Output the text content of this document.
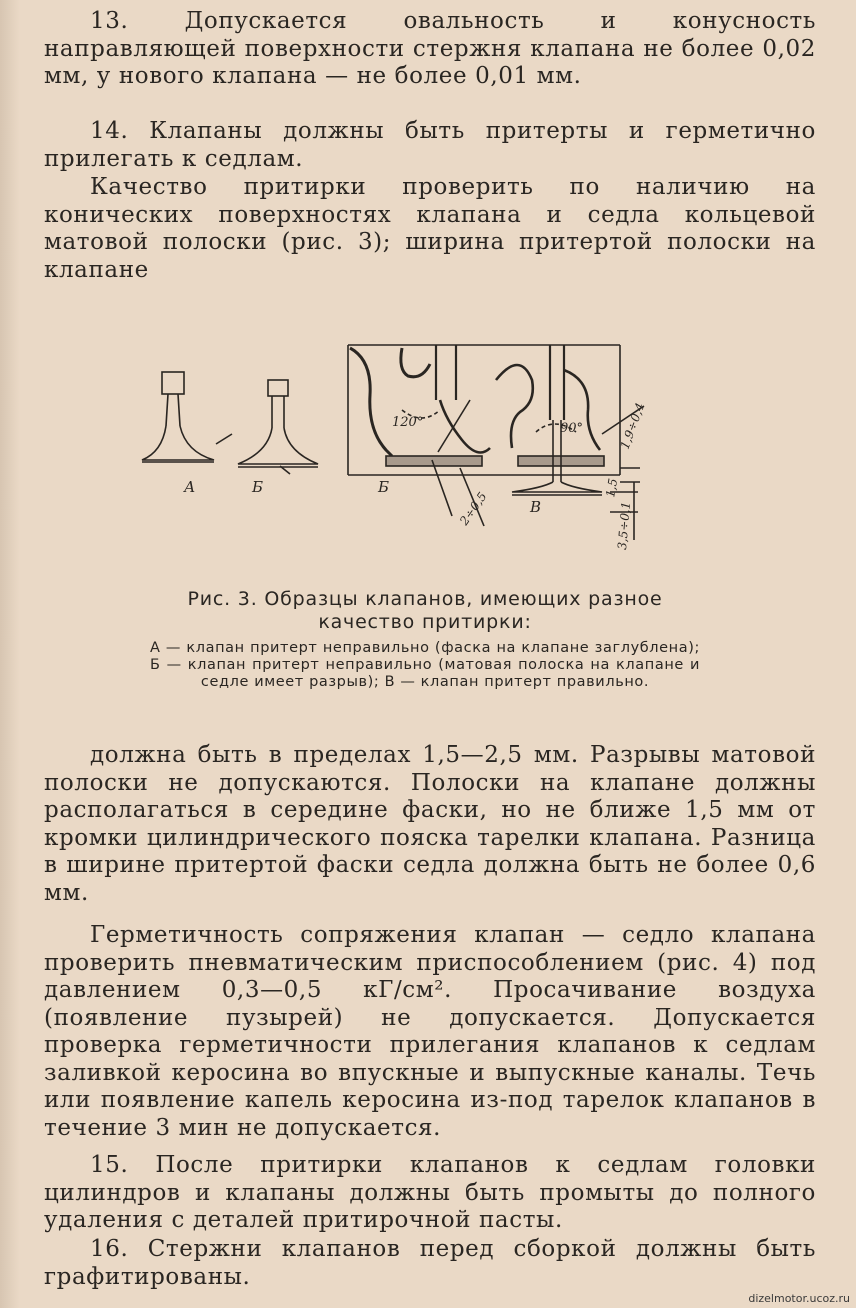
13. Допускается овальность и конусность направляющей поверхности стержня клапана не более 0,02 мм, у нового клапана — не более 0,01 мм.

14. Клапаны должны быть притерты и герметично прилегать к седлам.

Качество притирки проверить по наличию на конических поверхностях клапана и седла кольцевой матовой полоски (рис. 3); ширина притертой полоски на клапане

А	Б	Б
В
120°	90°	1,9÷0,4
2÷0,5
1,5
3,5÷0,1
Рис. 3. Образцы клапанов, имеющих разное качество притирки:
А — клапан притерт неправильно (фаска на клапане заглублена); Б — клапан притерт неправильно (матовая полоска на клапане и седле имеет разрыв); В — клапан притерт правильно.

должна быть в пределах 1,5—2,5 мм. Разрывы матовой полоски не допускаются. Полоски на клапане должны располагаться в середине фаски, но не ближе 1,5 мм от кромки цилиндрического пояска тарелки клапана. Разница в ширине притертой фаски седла должна быть не более 0,6 мм.

Герметичность сопряжения клапан — седло клапана проверить пневматическим приспособлением (рис. 4) под давлением 0,3—0,5 кГ/см². Просачивание воздуха (появление пузырей) не допускается. Допускается проверка герметичности прилегания клапанов к седлам заливкой керосина во впускные и выпускные каналы. Течь или появление капель керосина из-под тарелок клапанов в течение 3 мин не допускается.

15. После притирки клапанов к седлам головки цилиндров и клапаны должны быть промыты до полного удаления с деталей притирочной пасты.

16. Стержни клапанов перед сборкой должны быть графитированы.

dizelmotor.ucoz.ru
